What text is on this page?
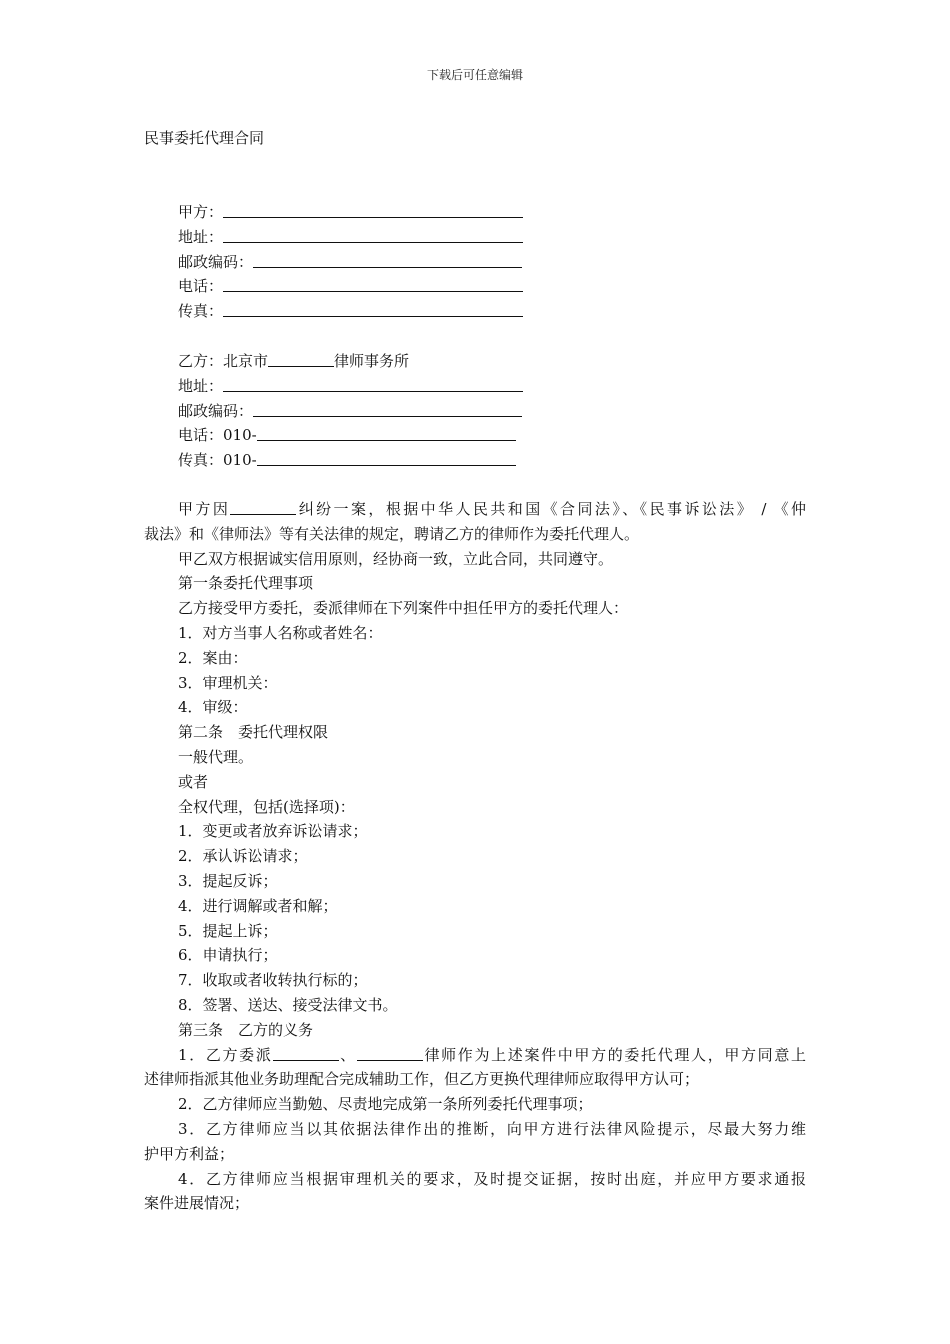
下载后可任意编辑
民事委托代理合同
甲方：
地址：
邮政编码：
电话：
传真：
乙方：北京市	律师事务所
地址：
邮政编码：
电话：010-
传真：010-

甲方因	纠纷一案，根据中华人民共和国《合同法》、《民事诉讼法》 / 《仲

裁法》和《律师法》等有关法律的规定，聘请乙方的律师作为委托代理人。

甲乙双方根据诚实信用原则，经协商一致，立此合同，共同遵守。

第一条委托代理事项

乙方接受甲方委托，委派律师在下列案件中担任甲方的委托代理人：

1．对方当事人名称或者姓名：

2．案由：

3．审理机关：

4．审级：

第二条　委托代理权限

一般代理。

或者

全权代理，包括(选择项)：

1．变更或者放弃诉讼请求；

2．承认诉讼请求；

3．提起反诉；

4．进行调解或者和解；

5．提起上诉；

6．申请执行；

7．收取或者收转执行标的；

8．签署、送达、接受法律文书。

第三条　乙方的义务

1．乙方委派	、	律师作为上述案件中甲方的委托代理人，甲方同意上

述律师指派其他业务助理配合完成辅助工作，但乙方更换代理律师应取得甲方认可；

2．乙方律师应当勤勉、尽责地完成第一条所列委托代理事项；

3．乙方律师应当以其依据法律作出的推断，向甲方进行法律风险提示，尽最大努力维

护甲方利益；

4．乙方律师应当根据审理机关的要求，及时提交证据，按时出庭，并应甲方要求通报

案件进展情况；
